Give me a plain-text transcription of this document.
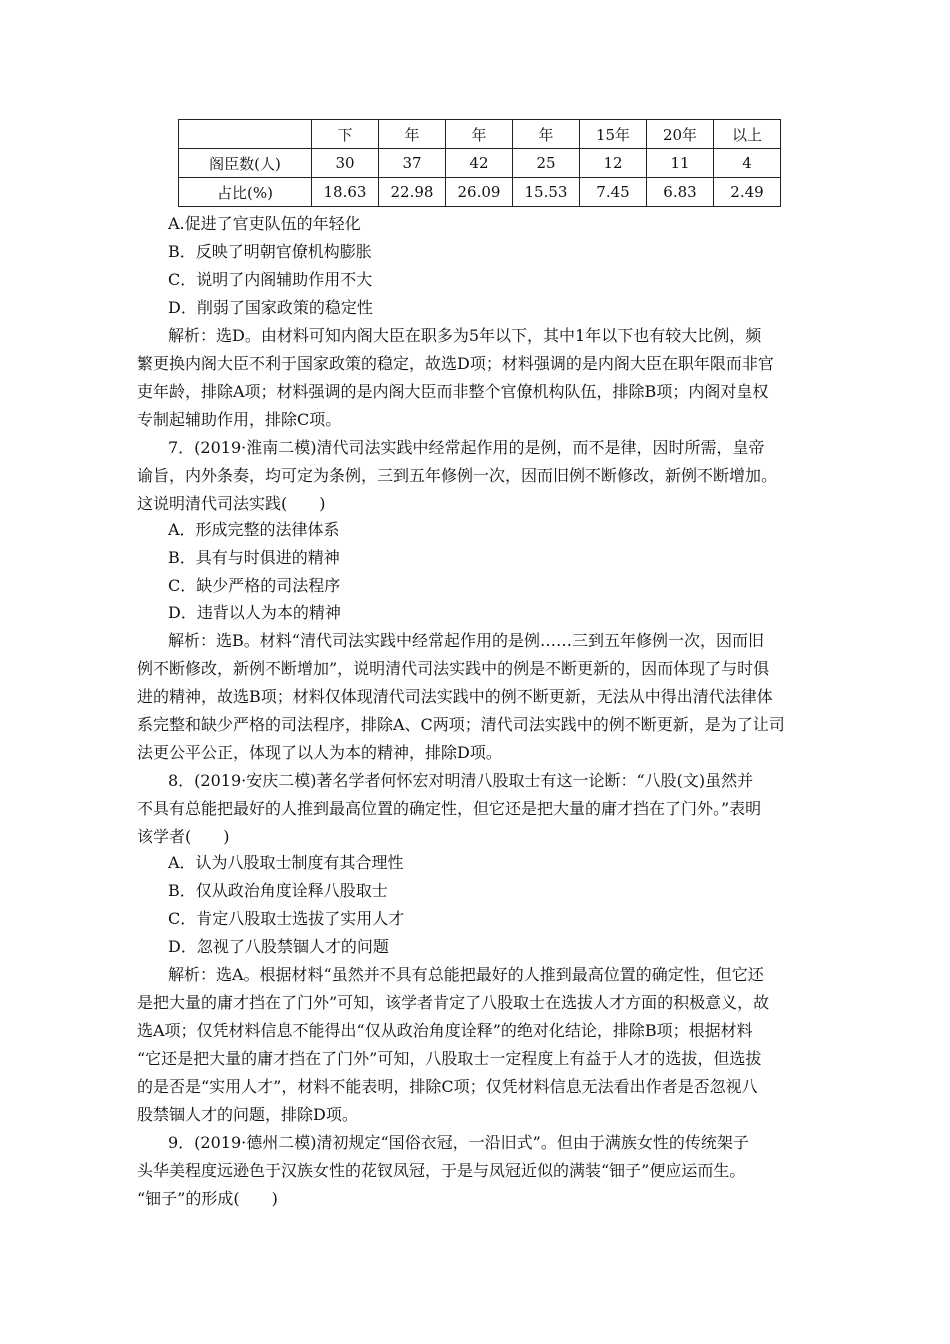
	下	年	年	年	15年	20年	以上
阁臣数(人)	30	37	42	25	12	11	4
占比(%)	18.63	22.98	26.09	15.53	7.45	6.83	2.49
A.促进了官吏队伍的年轻化
B．反映了明朝官僚机构膨胀
C．说明了内阁辅助作用不大
D．削弱了国家政策的稳定性
解析：选D。由材料可知内阁大臣在职多为5年以下，其中1年以下也有较大比例，频
繁更换内阁大臣不利于国家政策的稳定，故选D项；材料强调的是内阁大臣在职年限而非官
吏年龄，排除A项；材料强调的是内阁大臣而非整个官僚机构队伍，排除B项；内阁对皇权
专制起辅助作用，排除C项。
7．(2019·淮南二模)清代司法实践中经常起作用的是例，而不是律，因时所需，皇帝
谕旨，内外条奏，均可定为条例，三到五年修例一次，因而旧例不断修改，新例不断增加。
这说明清代司法实践(　　)
A．形成完整的法律体系
B．具有与时俱进的精神
C．缺少严格的司法程序
D．违背以人为本的精神
解析：选B。材料“清代司法实践中经常起作用的是例……三到五年修例一次，因而旧
例不断修改，新例不断增加”，说明清代司法实践中的例是不断更新的，因而体现了与时俱
进的精神，故选B项；材料仅体现清代司法实践中的例不断更新，无法从中得出清代法律体
系完整和缺少严格的司法程序，排除A、C两项；清代司法实践中的例不断更新，是为了让司
法更公平公正，体现了以人为本的精神，排除D项。
8．(2019·安庆二模)著名学者何怀宏对明清八股取士有这一论断：“八股(文)虽然并
不具有总能把最好的人推到最高位置的确定性，但它还是把大量的庸才挡在了门外。”表明
该学者(　　)
A．认为八股取士制度有其合理性
B．仅从政治角度诠释八股取士
C．肯定八股取士选拔了实用人才
D．忽视了八股禁锢人才的问题
解析：选A。根据材料“虽然并不具有总能把最好的人推到最高位置的确定性，但它还
是把大量的庸才挡在了门外”可知，该学者肯定了八股取士在选拔人才方面的积极意义，故
选A项；仅凭材料信息不能得出“仅从政治角度诠释”的绝对化结论，排除B项；根据材料
“它还是把大量的庸才挡在了门外”可知，八股取士一定程度上有益于人才的选拔，但选拔
的是否是“实用人才”，材料不能表明，排除C项；仅凭材料信息无法看出作者是否忽视八
股禁锢人才的问题，排除D项。
9．(2019·德州二模)清初规定“国俗衣冠，一沿旧式”。但由于满族女性的传统架子
头华美程度远逊色于汉族女性的花钗凤冠，于是与凤冠近似的满装“钿子”便应运而生。
“钿子”的形成(　　)
